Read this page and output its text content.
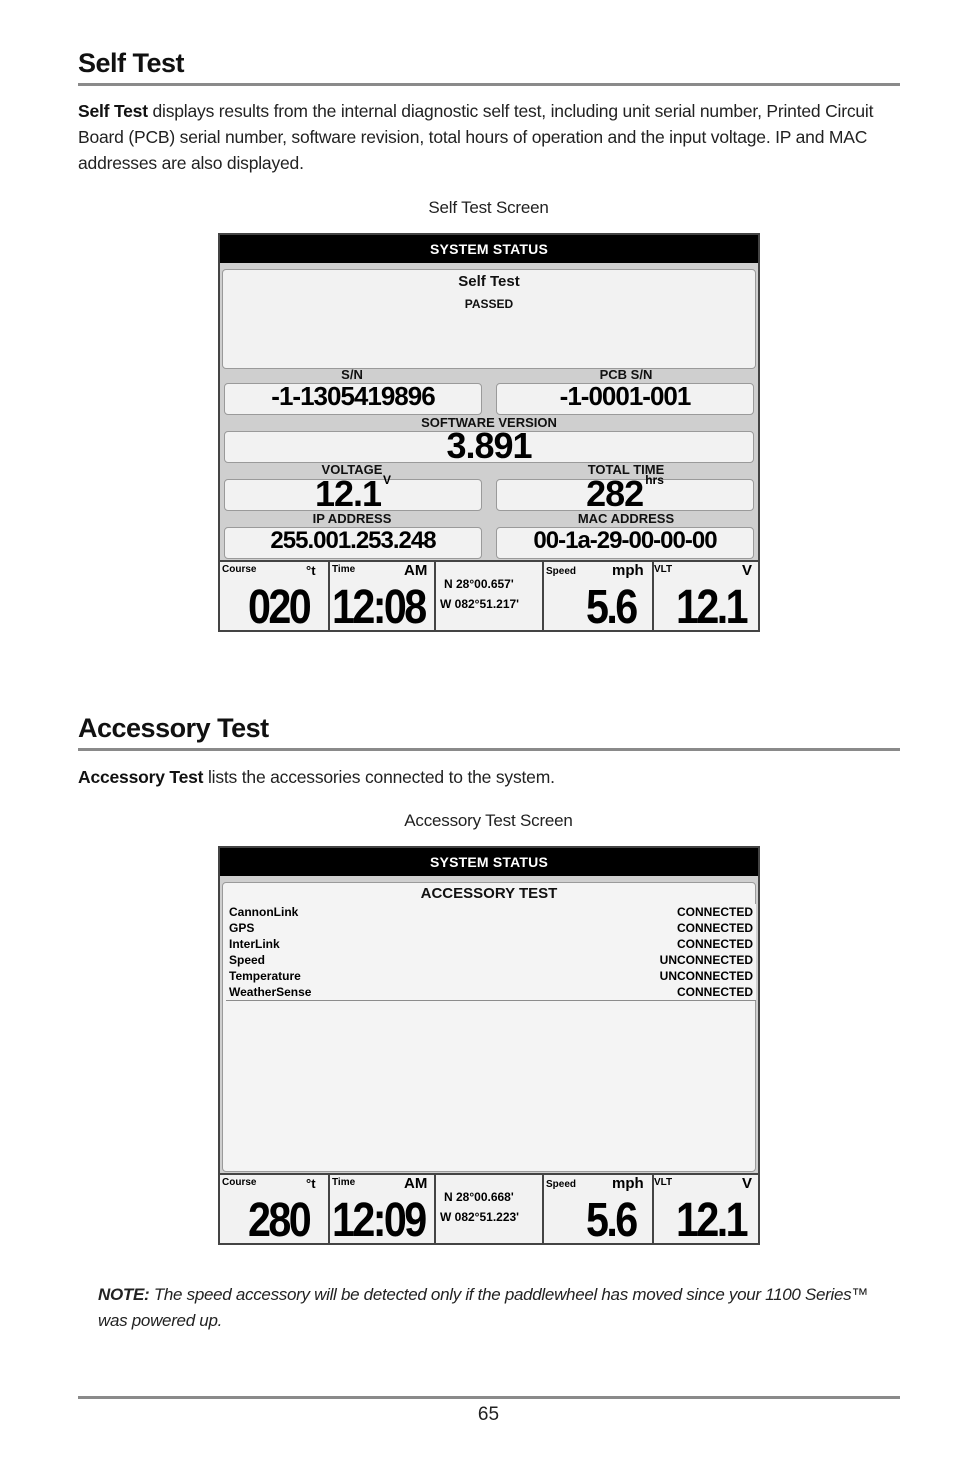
Self Test
Self Test displays results from the internal diagnostic self test, including unit serial number, Printed Circuit Board (PCB) serial number, software revision, total hours of operation and the input voltage. IP and MAC addresses are also displayed.
Self Test Screen
SYSTEM STATUS
Self Test
PASSED
S/N
-1-1305419896
PCB S/N
-1-0001-001
SOFTWARE VERSION
3.891
VOLTAGE
12.1 $^V$
TOTAL TIME
282 $^{hrs}$
IP ADDRESS
255.001.253.248
MAC ADDRESS
00-1a-29-00-00-00
Course	°t
020
Time	AM
12:08 N 28°00.657'
W 082°51.217'
Speed mph
5.6
VLT	V
12.1
Accessory Test
Accessory Test lists the accessories connected to the system.
Accessory Test Screen
SYSTEM STATUS
ACCESSORY TEST
CannonLink	CONNECTED
GPS	CONNECTED
InterLink	CONNECTED
Speed	UNCONNECTED
Temperature	UNCONNECTED
WeatherSense	CONNECTED
Course	°t
280
Time	AM
12:09 N 28°00.668'
W 082°51.223'
Speed mph
5.6
VLT	V
12.1
NOTE: The speed accessory will be detected only if the paddlewheel has moved since your 1100 Series™ was powered up.
65
